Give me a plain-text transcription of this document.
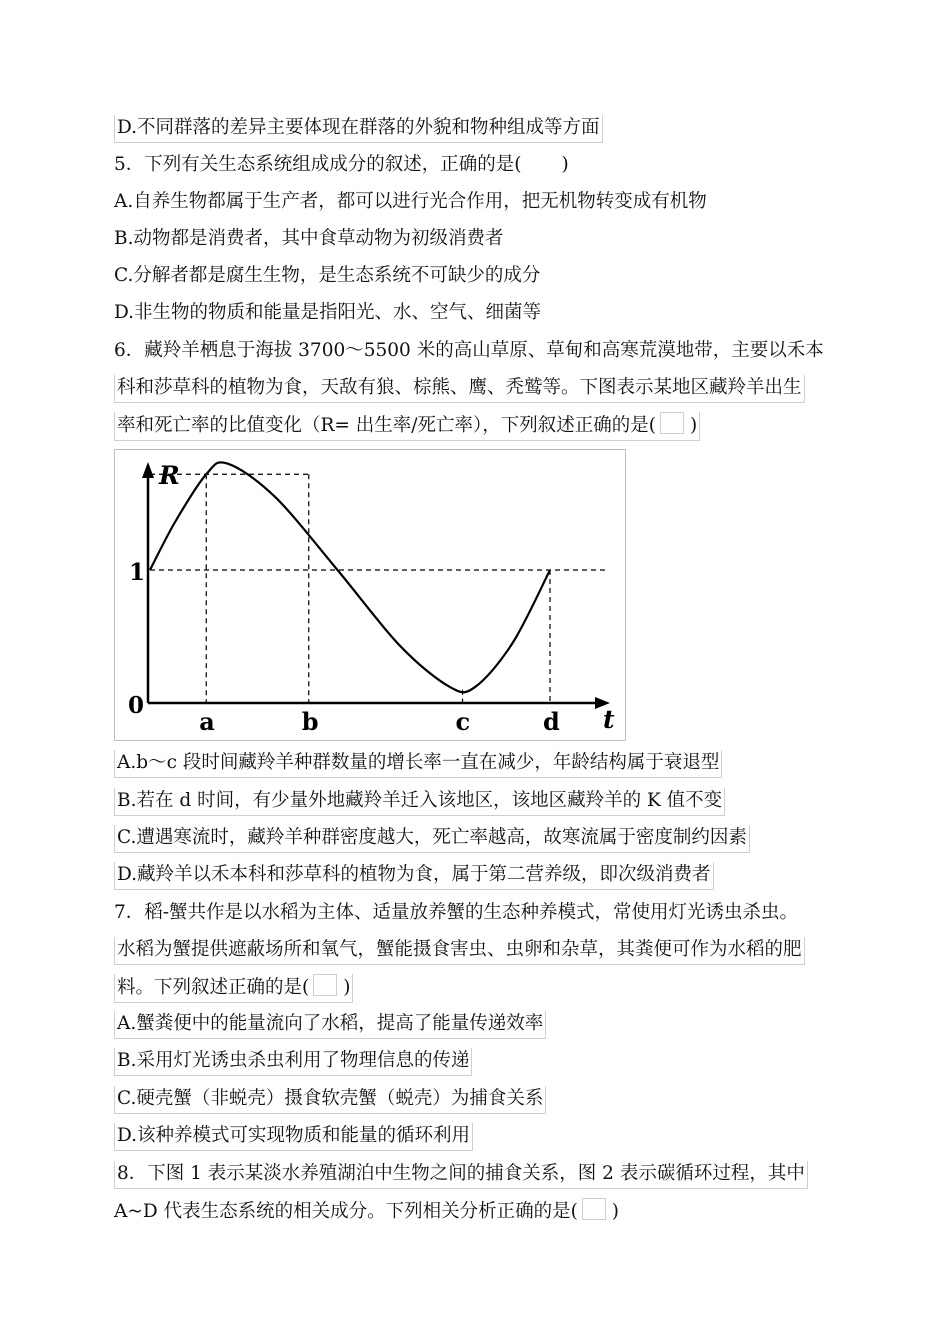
D.不同群落的差异主要体现在群落的外貌和物种组成等方面
5．下列有关生态系统组成成分的叙述，正确的是( )
A.自养生物都属于生产者，都可以进行光合作用，把无机物转变成有机物
B.动物都是消费者，其中食草动物为初级消费者
C.分解者都是腐生生物，是生态系统不可缺少的成分
D.非生物的物质和能量是指阳光、水、空气、细菌等
6．藏羚羊栖息于海拔 3700～5500 米的高山草原、草甸和高寒荒漠地带，主要以禾本
科和莎草科的植物为食，天敌有狼、棕熊、鹰、秃鹫等。下图表示某地区藏羚羊出生
率和死亡率的比值变化（R= 出生率/死亡率），下列叙述正确的是( )
R
t
0
1
a	b	c	d
A.b～c 段时间藏羚羊种群数量的增长率一直在减少，年龄结构属于衰退型
B.若在 d 时间，有少量外地藏羚羊迁入该地区，该地区藏羚羊的 K 值不变
C.遭遇寒流时，藏羚羊种群密度越大，死亡率越高，故寒流属于密度制约因素
D.藏羚羊以禾本科和莎草科的植物为食，属于第二营养级，即次级消费者
7．稻-蟹共作是以水稻为主体、适量放养蟹的生态种养模式，常使用灯光诱虫杀虫。
水稻为蟹提供遮蔽场所和氧气，蟹能摄食害虫、虫卵和杂草，其粪便可作为水稻的肥
料。下列叙述正确的是( )
A.蟹粪便中的能量流向了水稻，提高了能量传递效率
B.采用灯光诱虫杀虫利用了物理信息的传递
C.硬壳蟹（非蜕壳）摄食软壳蟹（蜕壳）为捕食关系
D.该种养模式可实现物质和能量的循环利用
8．下图 1 表示某淡水养殖湖泊中生物之间的捕食关系，图 2 表示碳循环过程，其中
A~D 代表生态系统的相关成分。下列相关分析正确的是( )
